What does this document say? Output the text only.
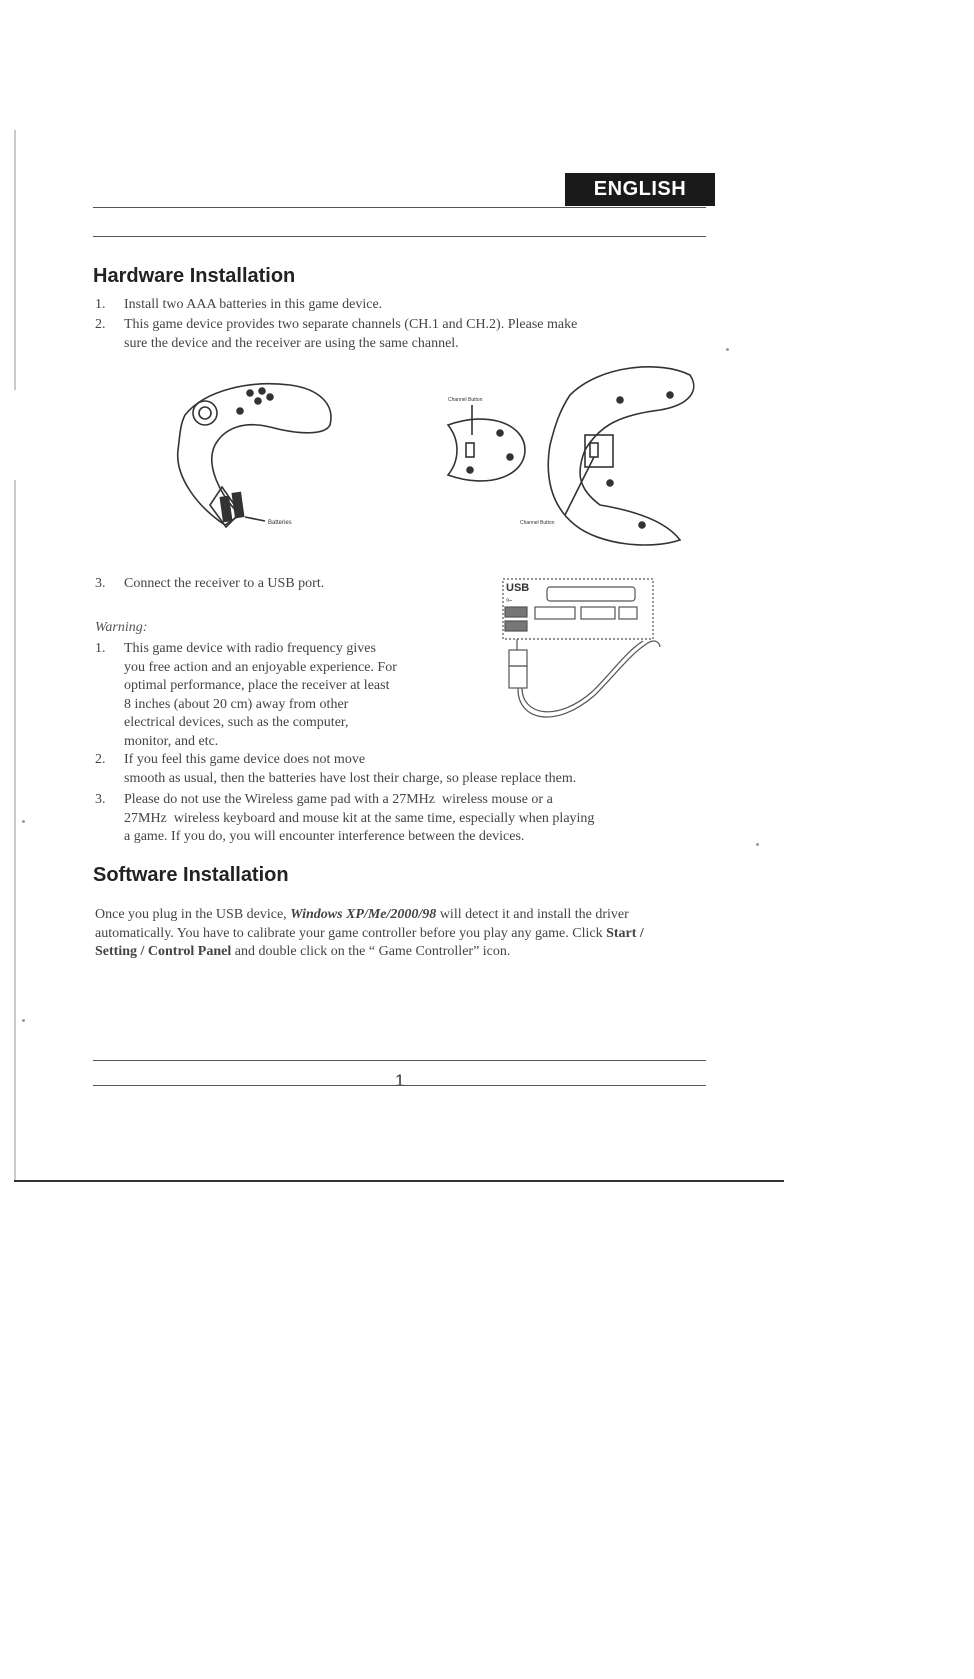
ENGLISH
Hardware Installation
1. Install two AAA batteries in this game device.
2. This game device provides two separate channels (CH.1 and CH.2). Please make
sure the device and the receiver are using the same channel.
Batteries
Channel Button
Channel Button
3. Connect the receiver to a USB port.	USB
⟜
Warning:
1. This game device with radio frequency gives
you free action and an enjoyable experience. For
optimal performance, place the receiver at least
8 inches (about 20 cm) away from other
electrical devices, such as the computer,
monitor, and etc.
2. If you feel this game device does not move
smooth as usual, then the batteries have lost their charge, so please replace them.
3. Please do not use the Wireless game pad with a 27MHz  wireless mouse or a
27MHz  wireless keyboard and mouse kit at the same time, especially when playing
a game. If you do, you will encounter interference between the devices.
Software Installation

Once you plug in the USB device, Windows XP/Me/2000/98 will detect it and install the driver automatically. You have to calibrate your game controller before you play any game. Click Start / Setting / Control Panel and double click on the “ Game Controller” icon.

1
